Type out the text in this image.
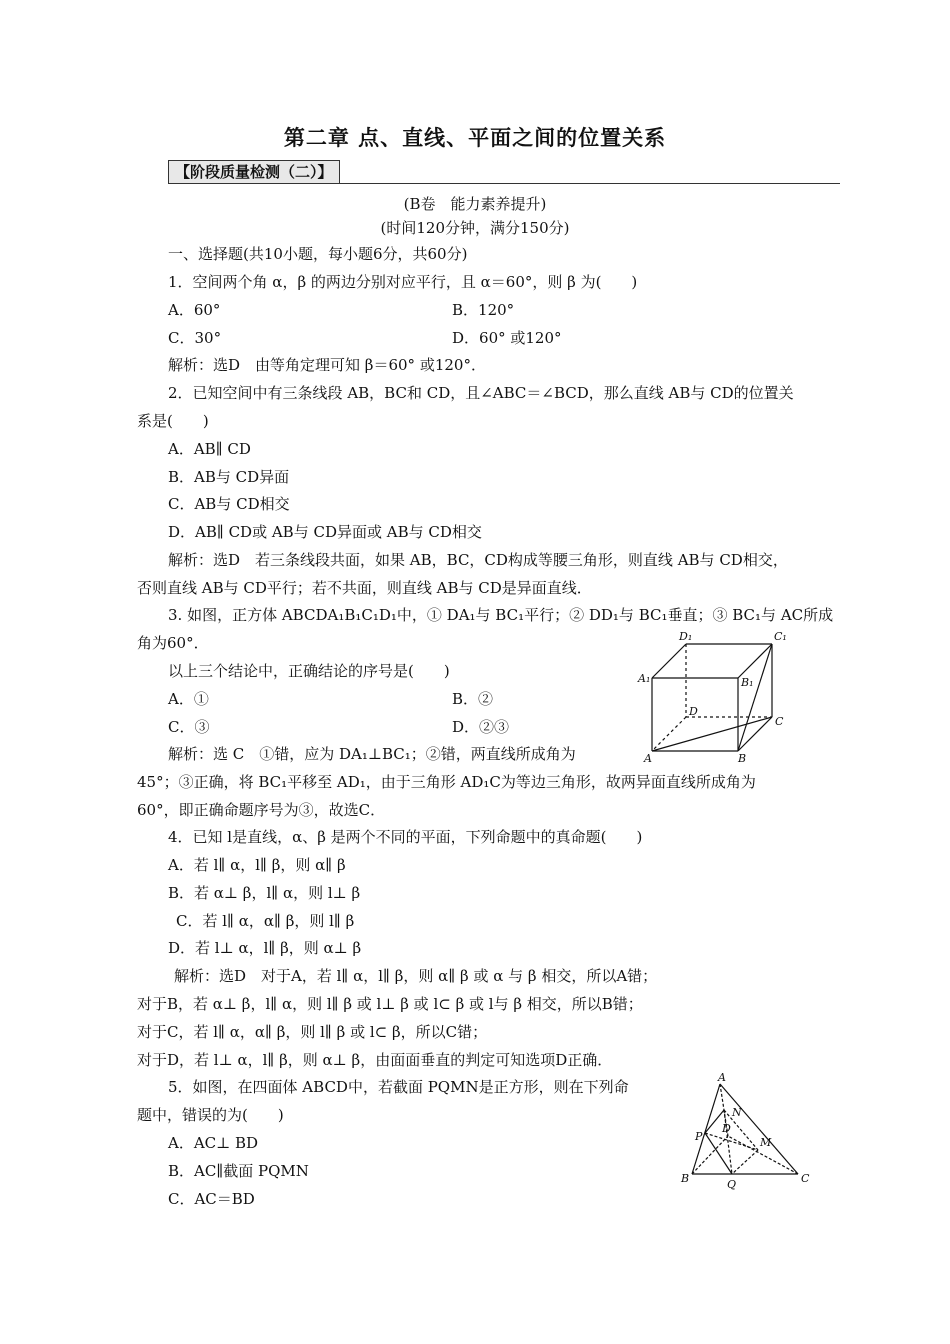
第二章 点、直线、平面之间的位置关系
【阶段质量检测（二）】
(B卷　能力素养提升)
(时间120分钟，满分150分)
一、选择题(共10小题，每小题6分，共60分)
1．空间两个角 α，β 的两边分别对应平行，且 α＝60°，则 β 为(　　)
A．60°	B．120°
C．30°	D．60° 或120°
解析：选D　由等角定理可知 β＝60° 或120°．
2．已知空间中有三条线段 AB，BC和 CD，且∠ABC＝∠BCD，那么直线 AB与 CD的位置关
系是(　　)
A．AB∥ CD
B．AB与 CD异面
C．AB与 CD相交
D．AB∥ CD或 AB与 CD异面或 AB与 CD相交
解析：选D　若三条线段共面，如果 AB，BC，CD构成等腰三角形，则直线 AB与 CD相交，
否则直线 AB与 CD平行；若不共面，则直线 AB与 CD是异面直线．
3. 如图，正方体 ABCDA₁B₁C₁D₁中，① DA₁与 BC₁平行；② DD₁与 BC₁垂直；③ BC₁与 AC所成
角为60°．
以上三个结论中，正确结论的序号是(　　)
A．①	B．②
C．③	D．②③
解析：选 C　①错，应为 DA₁⊥BC₁；②错，两直线所成角为
45°；③正确，将 BC₁平移至 AD₁，由于三角形 AD₁C为等边三角形，故两异面直线所成角为
60°，即正确命题序号为③，故选C．
D₁	C₁
A₁	B₁
D
C
A	B
4．已知 l是直线，α、β 是两个不同的平面，下列命题中的真命题(　　)
A．若 l∥ α，l∥ β，则 α∥ β
B．若 α⊥ β，l∥ α，则 l⊥ β
C．若 l∥ α，α∥ β，则 l∥ β
D．若 l⊥ α，l∥ β，则 α⊥ β
解析：选D　对于A，若 l∥ α，l∥ β，则 α∥ β 或 α 与 β 相交，所以A错；
对于B，若 α⊥ β，l∥ α，则 l∥ β 或 l⊥ β 或 l⊂ β 或 l与 β 相交，所以B错；
对于C，若 l∥ α，α∥ β，则 l∥ β 或 l⊂ β，所以C错；
对于D，若 l⊥ α，l∥ β，则 α⊥ β，由面面垂直的判定可知选项D正确．
5．如图，在四面体 ABCD中，若截面 PQMN是正方形，则在下列命
题中，错误的为(　　)
A．AC⊥ BD
B．AC∥截面 PQMN
C．AC＝BD
A
N
D
P	M
B	Q	C
